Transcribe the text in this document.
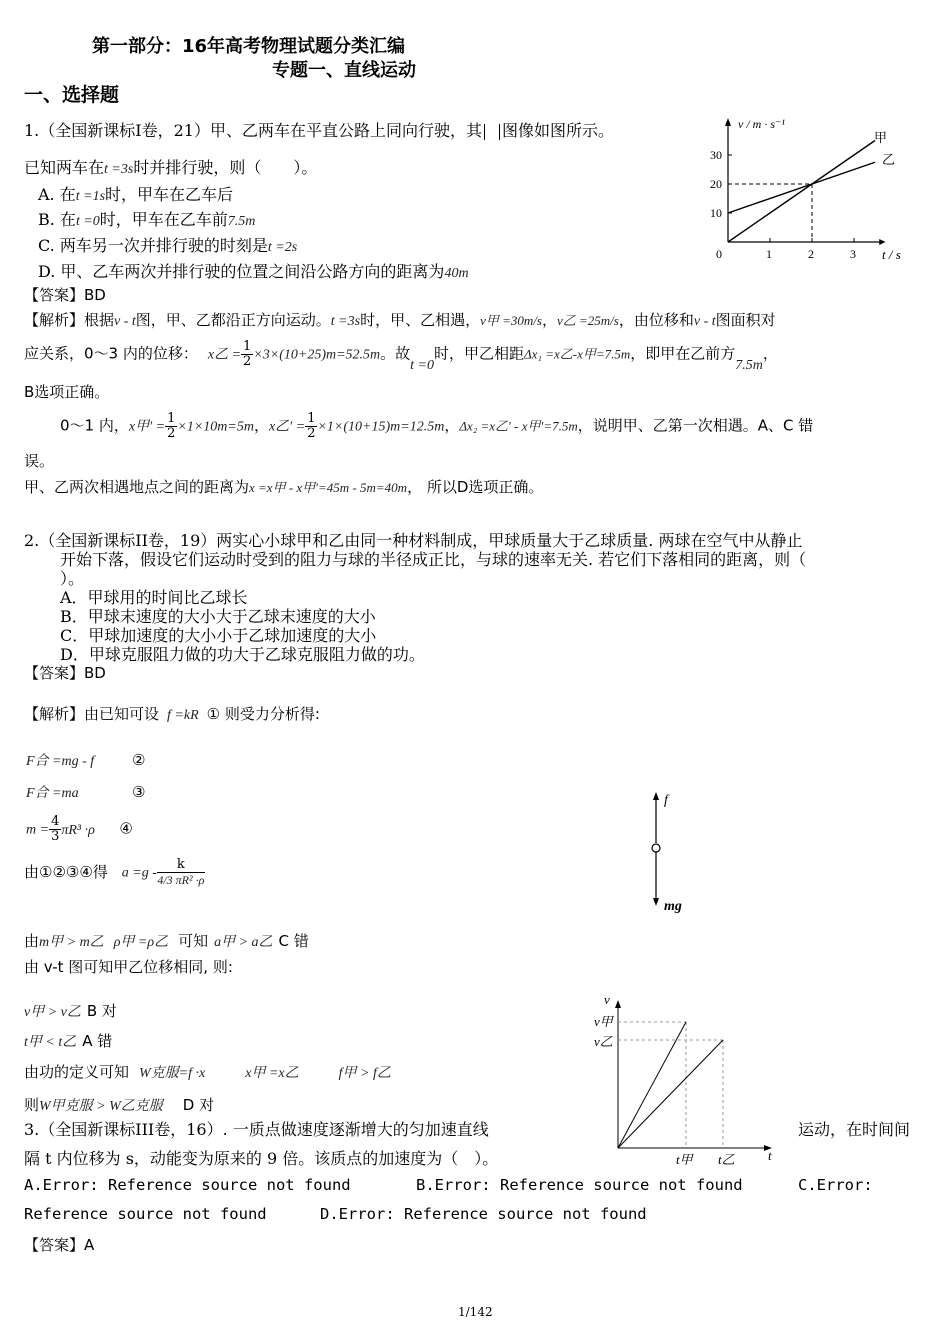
第一部分：16年高考物理试题分类汇编
专题一、直线运动
一、选择题
1.（全国新课标I卷，21）甲、乙两车在平直公路上同向行驶，其 图像如图所示。
已知两车在t =3s时并排行驶，则（　　）。
A. 在t =1s时，甲车在乙车后
B. 在t =0时，甲车在乙车前7.5m
C. 两车另一次并排行驶的时刻是t =2s
D. 甲、乙车两次并排行驶的位置之间沿公路方向的距离为40m
【答案】BD
v / m · s⁻¹
t / s
10
20
30
0	1	2	3
甲
乙
【解析】根据v - t图，甲、乙都沿正方向运动。t =3s时，甲、乙相遇，v甲 =30m/s，v乙 =25m/s，由位移和v - t图面积对
应关系，0～3 内的位移： x乙 = $\frac{1}{2} \times 3\times(10+25)m=52.5m$。故t =0时，甲乙相距Δx₁ =x乙-x甲=7.5m，即甲在乙前方7.5m，
B选项正确。
0～1 内，x甲′ = $\frac{1}{2} \times 1\times 10m=5m$，x乙′ = $\frac{1}{2} \times 1\times(10+15)m=12.5m$，Δx₂ =x乙′ - x甲′=7.5m，说明甲、乙第一次相遇。A、C 错
误。
甲、乙两次相遇地点之间的距离为x =x甲 - x甲′=45m - 5m=40m， 所以D选项正确。
2.（全国新课标II卷，19）两实心小球甲和乙由同一种材料制成，甲球质量大于乙球质量. 两球在空气中从静止
开始下落，假设它们运动时受到的阻力与球的半径成正比，与球的速率无关. 若它们下落相同的距离，则（
）。
A．甲球用的时间比乙球长
B．甲球末速度的大小大于乙球末速度的大小
C．甲球加速度的大小小于乙球加速度的大小
D．甲球克服阻力做的功大于乙球克服阻力做的功。
【答案】BD
【解析】由已知可设 f =kR ① 则受力分析得:
F合 =mg - f	②
F合 =ma	③
$m = \frac{4}{3} \pi R^3 \cdot\rho$ ④
由①②③④得 $a =g - \frac{k}{\text{4/3 πR² ·ρ}}$
由m甲 > m乙 ρ甲 =ρ乙 可知 a甲 > a乙 C 错
由 v-t 图可知甲乙位移相同, 则:
v甲 > v乙 B 对
t甲 < t乙 A 错
由功的定义可知 W克服=f ·x	x甲 =x乙	f甲 > f乙
则W甲克服 > W乙克服 D 对
f
mg
v
t
v甲
v乙
t甲 t乙
3.（全国新课标III卷，16）. 一质点做速度逐渐增大的匀加速直线	运动，在时间间
隔 t 内位移为 s，动能变为原来的 9 倍。该质点的加速度为（　）。
A.Error: Reference source not found	B.Error: Reference source not found	C.Error:
Reference source not found	D.Error: Reference source not found
【答案】A
1/142
